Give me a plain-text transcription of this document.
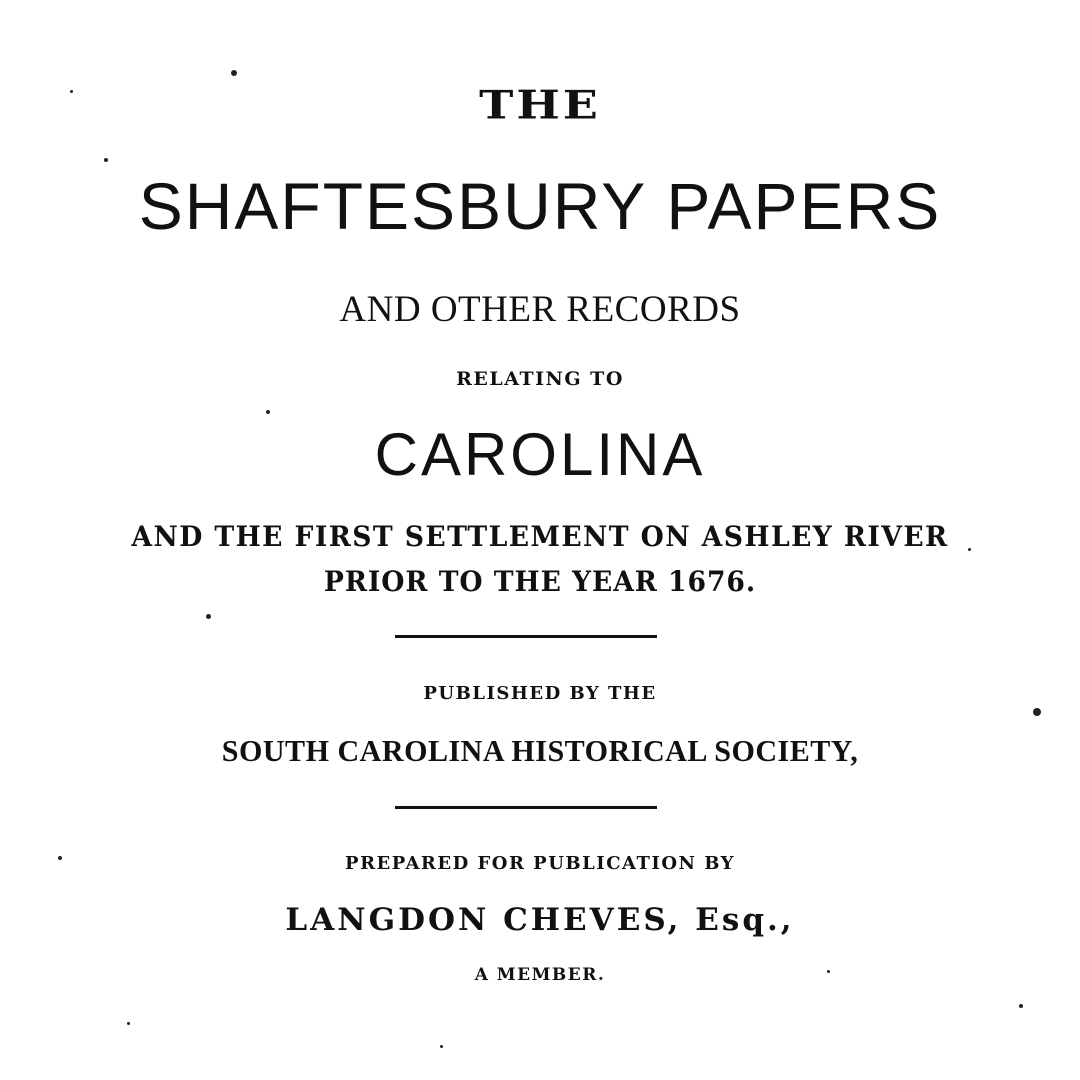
THE
SHAFTESBURY PAPERS
AND OTHER RECORDS
RELATING TO
CAROLINA
AND THE FIRST SETTLEMENT ON ASHLEY RIVER
PRIOR TO THE YEAR 1676.
PUBLISHED BY THE
SOUTH CAROLINA HISTORICAL SOCIETY,
PREPARED FOR PUBLICATION BY
LANGDON CHEVES, Esq.,
A MEMBER.
